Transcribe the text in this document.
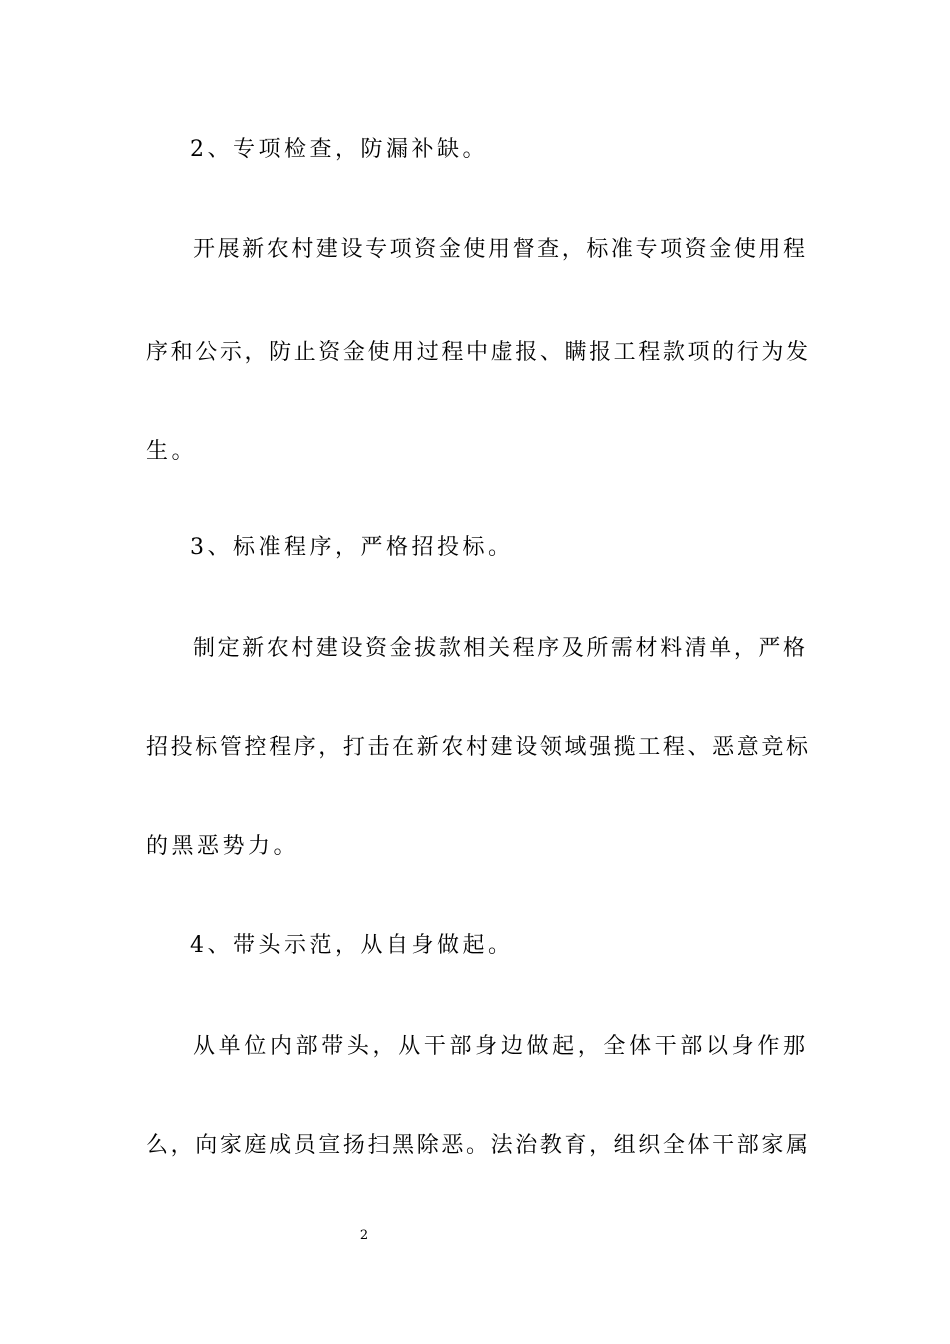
2、专项检查，防漏补缺。
开展新农村建设专项资金使用督查，标准专项资金使用程
序和公示，防止资金使用过程中虚报、瞒报工程款项的行为发
生。
3、标准程序，严格招投标。
制定新农村建设资金拔款相关程序及所需材料清单，严格
招投标管控程序，打击在新农村建设领域强揽工程、恶意竞标
的黑恶势力。
4、带头示范，从自身做起。
从单位内部带头，从干部身边做起，全体干部以身作那
么，向家庭成员宣扬扫黑除恶。法治教育，组织全体干部家属
2
